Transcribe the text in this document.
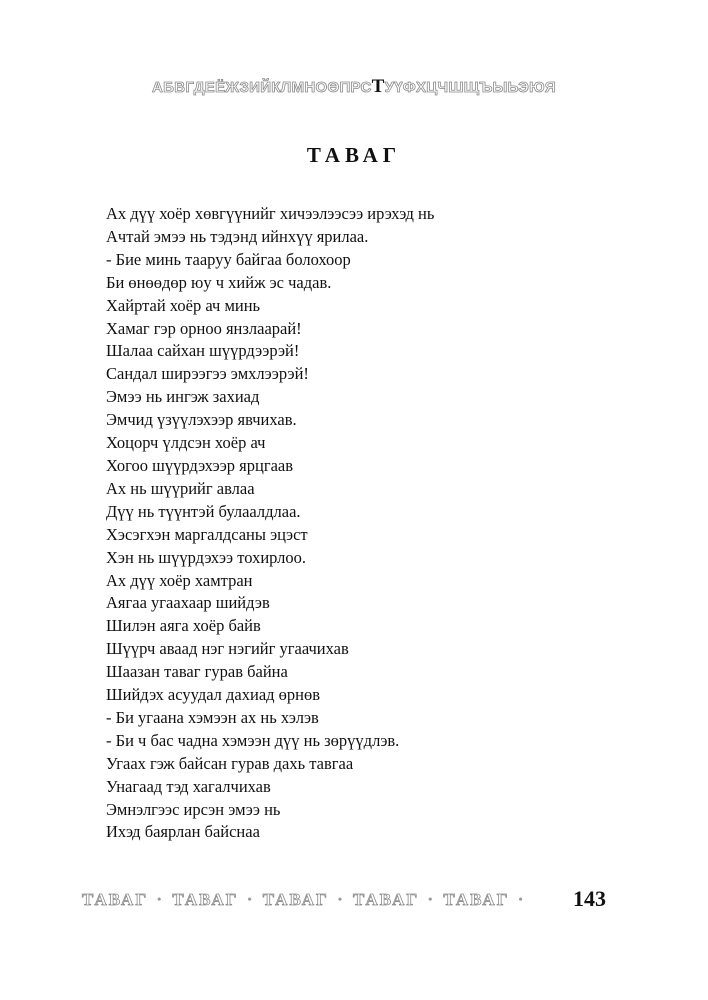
АБВГДЕЁЖЗИЙКЛМНОӨПРСТУҮФХЦЧШЩЪЫЬЭЮЯ
ТАВАГ
Ах дүү хоёр хөвгүүнийг хичээлээсээ ирэхэд нь
Ачтай эмээ нь тэдэнд ийнхүү ярилаа.
- Бие минь тааруу байгаа болохоор
Би өнөөдөр юу ч хийж эс чадав.
Хайртай хоёр ач минь
Хамаг гэр орноо янзлаарай!
Шалаа сайхан шүүрдээрэй!
Сандал ширээгээ эмхлээрэй!
Эмээ нь ингэж захиад
Эмчид үзүүлэхээр явчихав.
Хоцорч үлдсэн хоёр ач
Хогоо шүүрдэхээр ярцгаав
Ах нь шүүрийг авлаа
Дүү нь түүнтэй булаалдлаа.
Хэсэгхэн маргалдсаны эцэст
Хэн нь шүүрдэхээ тохирлоо.
Ах дүү хоёр хамтран
Аягаа угаахаар шийдэв
Шилэн аяга хоёр байв
Шүүрч аваад нэг нэгийг угаачихав
Шаазан таваг гурав байна
Шийдэх асуудал дахиад өрнөв
- Би угаана хэмээн ах нь хэлэв
- Би ч бас чадна хэмээн дүү нь зөрүүдлэв.
Угаах гэж байсан гурав дахь тавгаа
Унагаад тэд хагалчихав
Эмнэлгээс ирсэн эмээ нь
Ихэд баярлан байснаа
ТАВАГ • ТАВАГ • ТАВАГ • ТАВАГ • ТАВАГ •	143
